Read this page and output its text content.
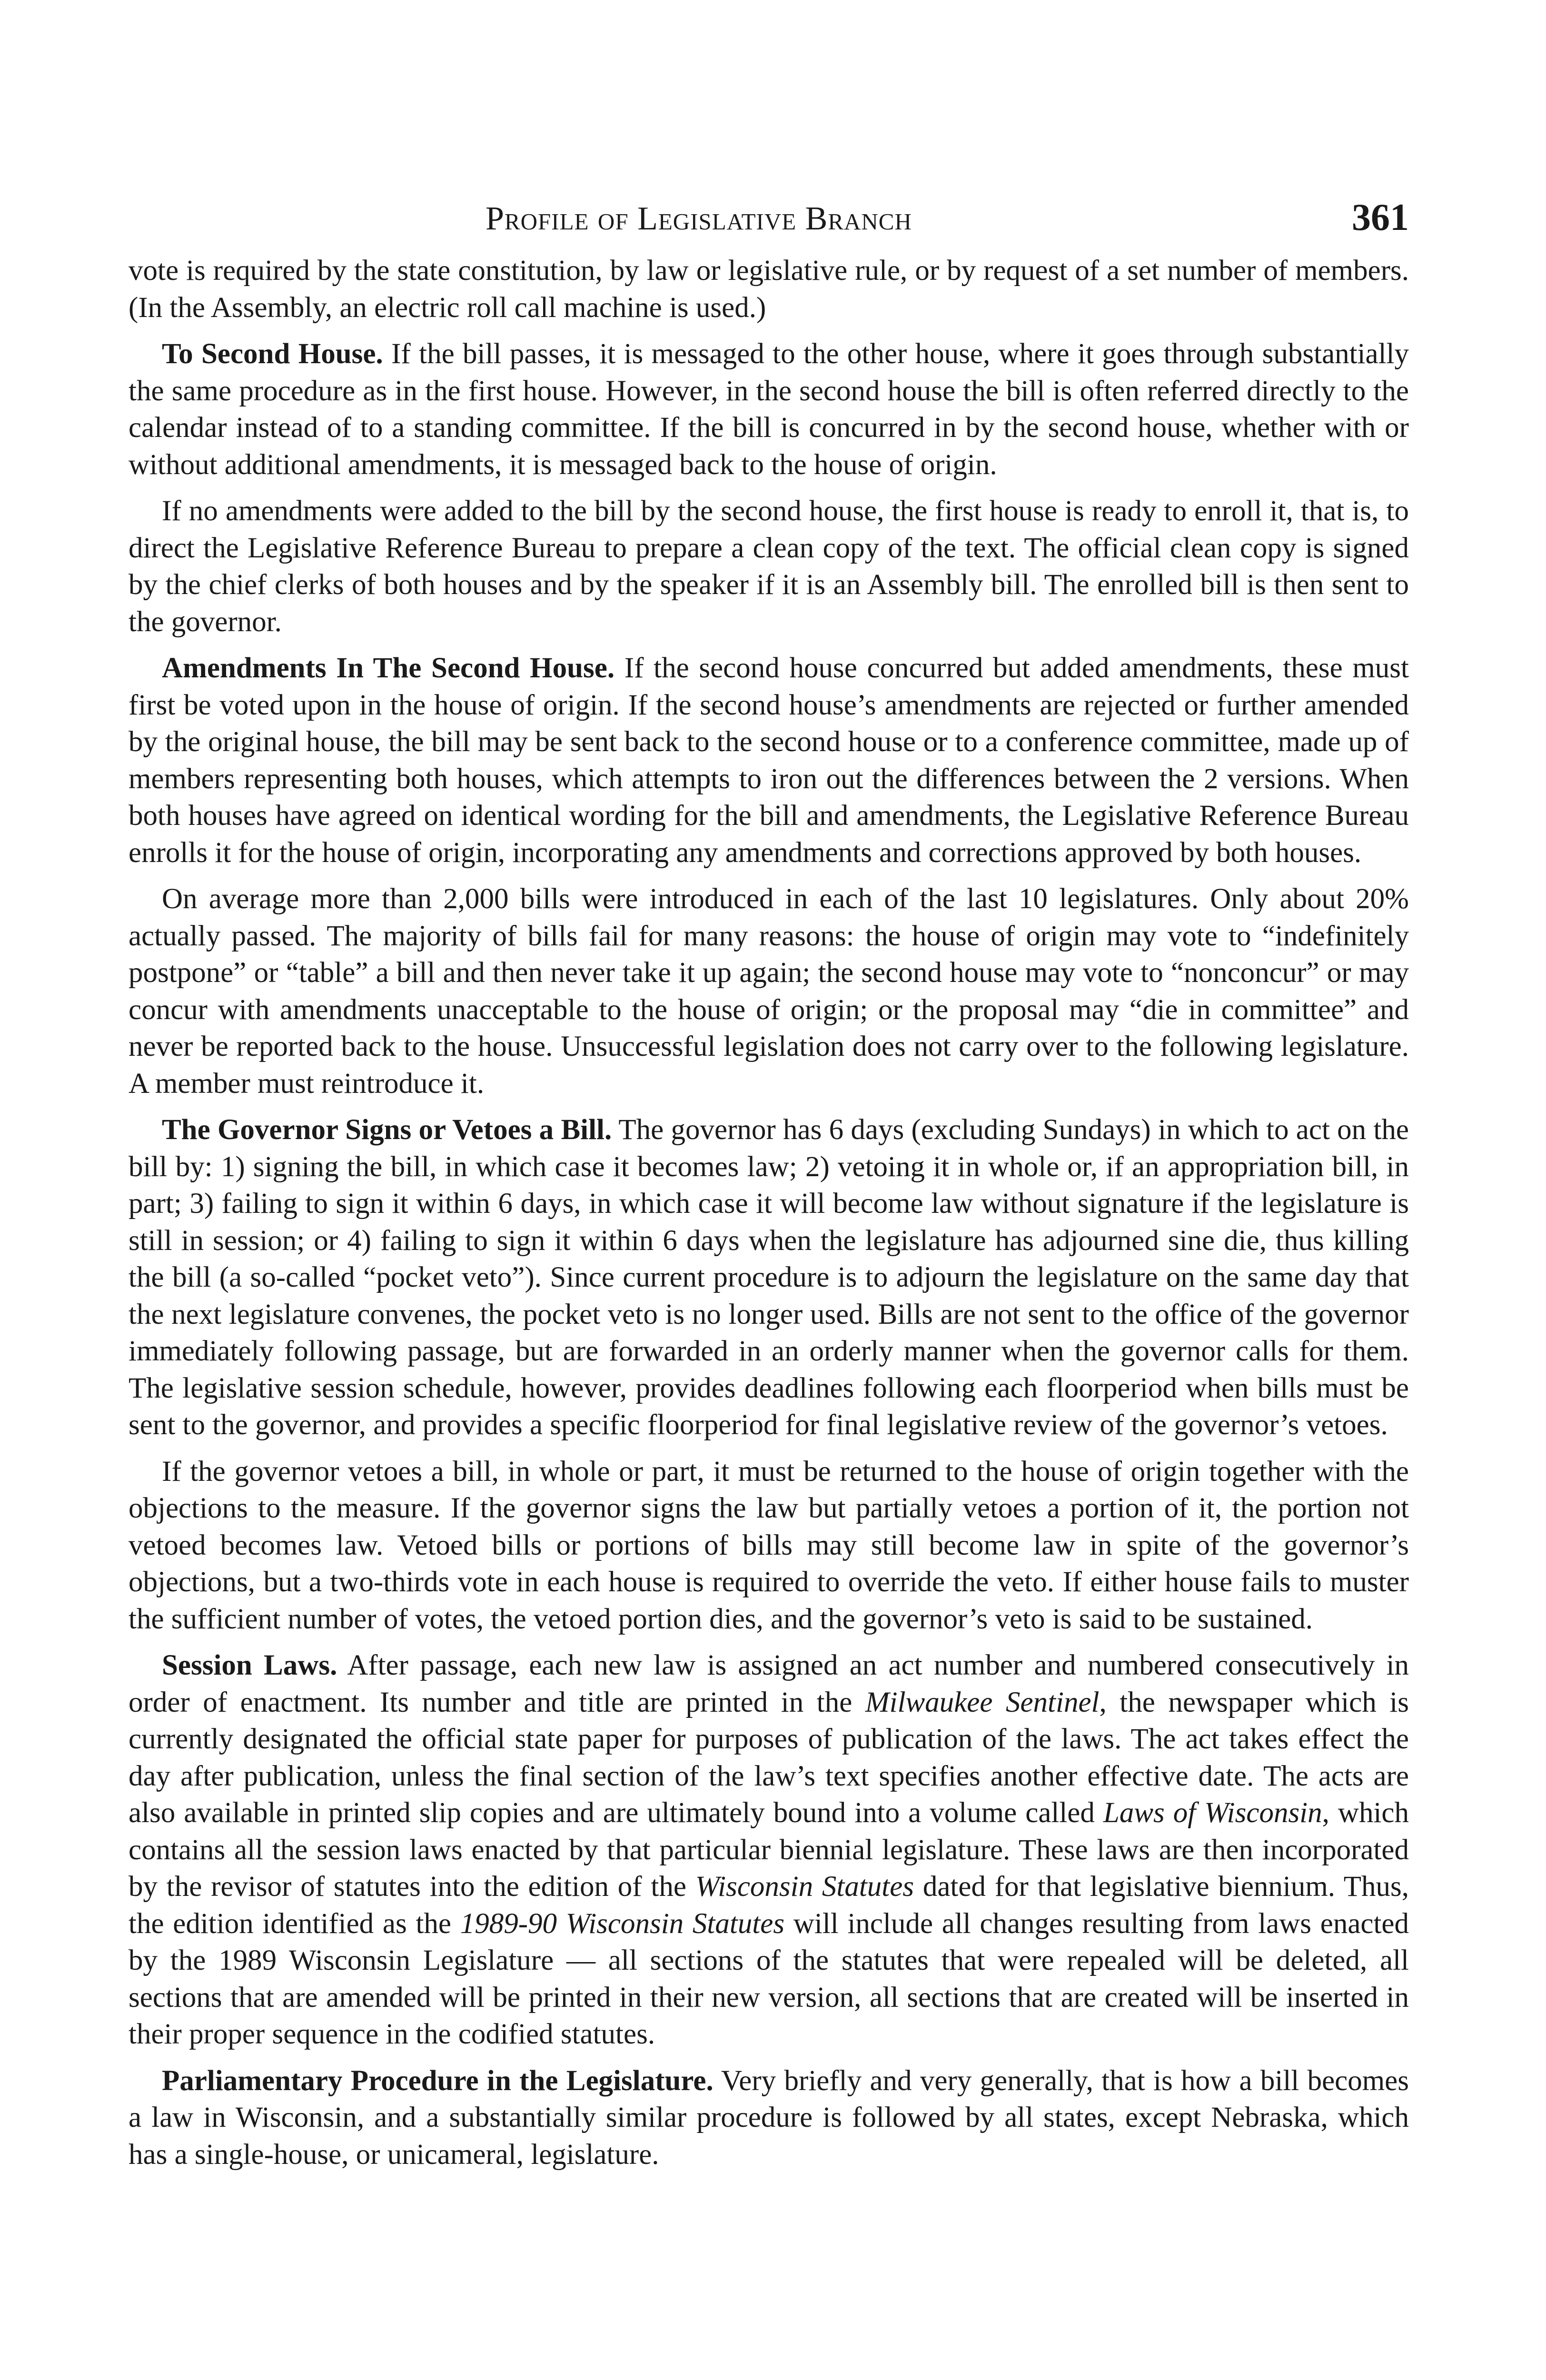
Profile of Legislative Branch	361

vote is required by the state constitution, by law or legislative rule, or by request of a set number of members. (In the Assembly, an electric roll call machine is used.)

To Second House. If the bill passes, it is messaged to the other house, where it goes through substantially the same procedure as in the first house. However, in the second house the bill is often referred directly to the calendar instead of to a standing committee. If the bill is concurred in by the second house, whether with or without additional amendments, it is messaged back to the house of origin.

If no amendments were added to the bill by the second house, the first house is ready to enroll it, that is, to direct the Legislative Reference Bureau to prepare a clean copy of the text. The official clean copy is signed by the chief clerks of both houses and by the speaker if it is an Assembly bill. The enrolled bill is then sent to the governor.

Amendments In The Second House. If the second house concurred but added amendments, these must first be voted upon in the house of origin. If the second house’s amendments are rejected or further amended by the original house, the bill may be sent back to the second house or to a conference committee, made up of members representing both houses, which attempts to iron out the differences between the 2 versions. When both houses have agreed on identical wording for the bill and amendments, the Legislative Reference Bureau enrolls it for the house of origin, incorporating any amendments and corrections approved by both houses.

On average more than 2,000 bills were introduced in each of the last 10 legislatures. Only about 20% actually passed. The majority of bills fail for many reasons: the house of origin may vote to “indefinitely postpone” or “table” a bill and then never take it up again; the second house may vote to “nonconcur” or may concur with amendments unacceptable to the house of origin; or the proposal may “die in committee” and never be reported back to the house. Unsuccessful legislation does not carry over to the following legislature. A member must reintroduce it.

The Governor Signs or Vetoes a Bill. The governor has 6 days (excluding Sundays) in which to act on the bill by: 1) signing the bill, in which case it becomes law; 2) vetoing it in whole or, if an appropriation bill, in part; 3) failing to sign it within 6 days, in which case it will become law without signature if the legislature is still in session; or 4) failing to sign it within 6 days when the legislature has adjourned sine die, thus killing the bill (a so-called “pocket veto”). Since current procedure is to adjourn the legislature on the same day that the next legislature convenes, the pocket veto is no longer used. Bills are not sent to the office of the governor immediately following passage, but are forwarded in an orderly manner when the governor calls for them. The legislative session schedule, however, provides deadlines following each floorperiod when bills must be sent to the governor, and provides a specific floorperiod for final legislative review of the governor’s vetoes.

If the governor vetoes a bill, in whole or part, it must be returned to the house of origin together with the objections to the measure. If the governor signs the law but partially vetoes a portion of it, the portion not vetoed becomes law. Vetoed bills or portions of bills may still become law in spite of the governor’s objections, but a two-thirds vote in each house is required to override the veto. If either house fails to muster the sufficient number of votes, the vetoed portion dies, and the governor’s veto is said to be sustained.

Session Laws. After passage, each new law is assigned an act number and numbered consecutively in order of enactment. Its number and title are printed in the Milwaukee Sentinel, the newspaper which is currently designated the official state paper for purposes of publication of the laws. The act takes effect the day after publication, unless the final section of the law’s text specifies another effective date. The acts are also available in printed slip copies and are ultimately bound into a volume called Laws of Wisconsin, which contains all the session laws enacted by that particular biennial legislature. These laws are then incorporated by the revisor of statutes into the edition of the Wisconsin Statutes dated for that legislative biennium. Thus, the edition identified as the 1989-90 Wisconsin Statutes will include all changes resulting from laws enacted by the 1989 Wisconsin Legislature — all sections of the statutes that were repealed will be deleted, all sections that are amended will be printed in their new version, all sections that are created will be inserted in their proper sequence in the codified statutes.

Parliamentary Procedure in the Legislature. Very briefly and very generally, that is how a bill becomes a law in Wisconsin, and a substantially similar procedure is followed by all states, except Nebraska, which has a single-house, or unicameral, legislature.
